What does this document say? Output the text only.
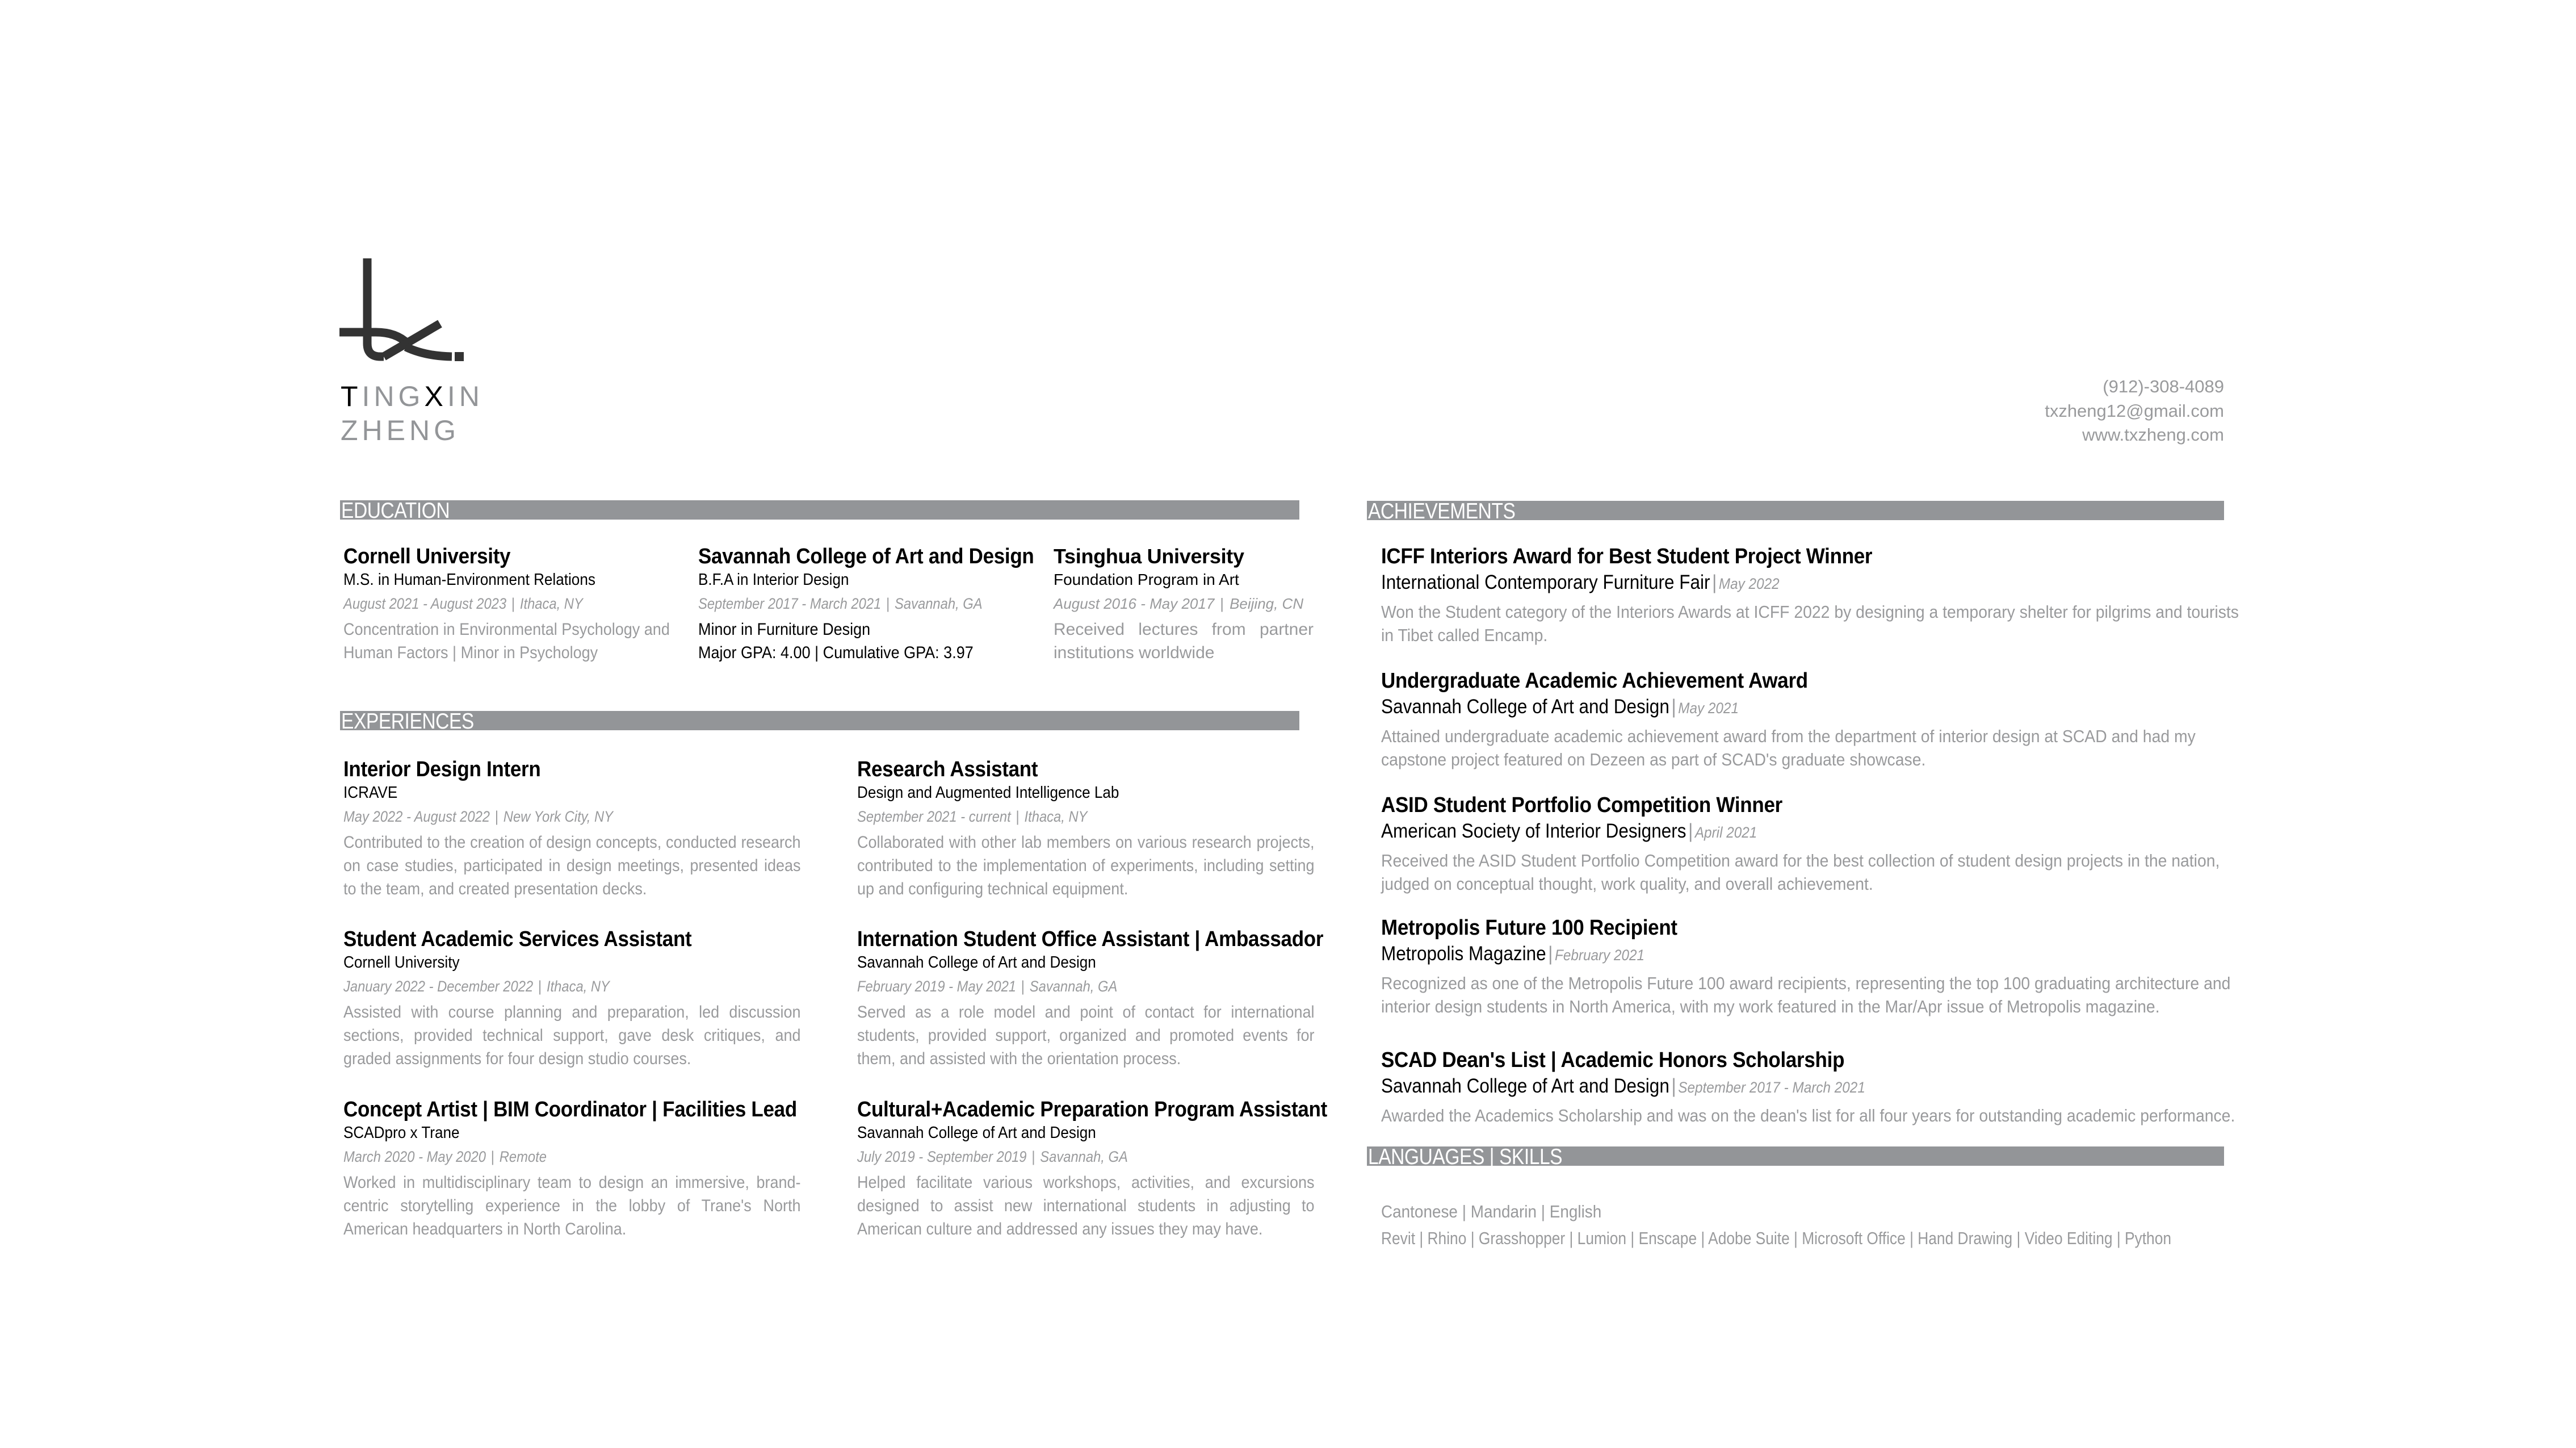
TINGXIN
ZHENG
(912)-308-4089
txzheng12@gmail.com
www.txzheng.com
EDUCATION
Cornell University
M.S. in Human-Environment Relations
August 2021 - August 2023 | Ithaca, NY
Concentration in Environmental Psychology and Human Factors | Minor in Psychology
Savannah College of Art and Design
B.F.A in Interior Design
September 2017 - March 2021 | Savannah, GA
Minor in Furniture Design
Major GPA: 4.00 | Cumulative GPA: 3.97
Tsinghua University
Foundation Program in Art
August 2016 - May 2017 | Beijing, CN
Received lectures from partner institutions worldwide
EXPERIENCES
Interior Design Intern
ICRAVE
May 2022 - August 2022 | New York City, NY
Contributed to the creation of design concepts, conducted research on case studies, participated in design meetings, presented ideas to the team, and created presentation decks.
Research Assistant
Design and Augmented Intelligence Lab
September 2021 - current | Ithaca, NY
Collaborated with other lab members on various research projects, contributed to the implementation of experiments, including setting up and configuring technical equipment.
Student Academic Services Assistant
Cornell University
January 2022 - December 2022 | Ithaca, NY
Assisted with course planning and preparation, led discussion sections, provided technical support, gave desk critiques, and graded assignments for four design studio courses.
Internation Student Office Assistant | Ambassador
Savannah College of Art and Design
February 2019 - May 2021 | Savannah, GA
Served as a role model and point of contact for international students, provided support, organized and promoted events for them, and assisted with the orientation process.
Concept Artist | BIM Coordinator | Facilities Lead
SCADpro x Trane
March 2020 - May 2020 | Remote
Worked in multidisciplinary team to design an immersive, brand-centric storytelling experience in the lobby of Trane's North American headquarters in North Carolina.
Cultural+Academic Preparation Program Assistant
Savannah College of Art and Design
July 2019 - September 2019 | Savannah, GA
Helped facilitate various workshops, activities, and excursions designed to assist new international students in adjusting to American culture and addressed any issues they may have.
ACHIEVEMENTS
ICFF Interiors Award for Best Student Project Winner
International Contemporary Furniture Fair | May 2022
Won the Student category of the Interiors Awards at ICFF 2022 by designing a temporary shelter for pilgrims and tourists in Tibet called Encamp.
Undergraduate Academic Achievement Award
Savannah College of Art and Design | May 2021
Attained undergraduate academic achievement award from the department of interior design at SCAD and had my capstone project featured on Dezeen as part of SCAD's graduate showcase.
ASID Student Portfolio Competition Winner
American Society of Interior Designers | April 2021
Received the ASID Student Portfolio Competition award for the best collection of student design projects in the nation, judged on conceptual thought, work quality, and overall achievement.
Metropolis Future 100 Recipient
Metropolis Magazine | February 2021
Recognized as one of the Metropolis Future 100 award recipients, representing the top 100 graduating architecture and interior design students in North America, with my work featured in the Mar/Apr issue of Metropolis magazine.
SCAD Dean's List | Academic Honors Scholarship
Savannah College of Art and Design | September 2017 - March 2021
Awarded the Academics Scholarship and was on the dean's list for all four years for outstanding academic performance.
LANGUAGES | SKILLS
Cantonese | Mandarin | English
Revit | Rhino | Grasshopper | Lumion | Enscape | Adobe Suite | Microsoft Office | Hand Drawing | Video Editing | Python
